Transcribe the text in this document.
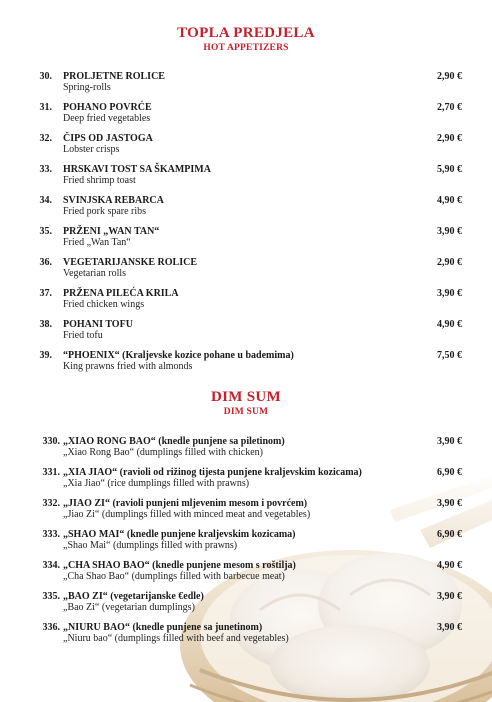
TOPLA PREDJELA
HOT APPETIZERS
30. PROLJETNE ROLICE
Spring-rolls
2,90 €
31. POHANO POVRĆE
Deep fried vegetables
2,70 €
32. ČIPS OD JASTOGA
Lobster crisps
2,90 €
33. HRSKAVI TOST SA ŠKAMPIMA
Fried shrimp toast
5,90 €
34. SVINJSKA REBARCA
Fried pork spare ribs
4,90 €
35. PRŽENI „WAN TAN“
Fried „Wan Tan“
3,90 €
36. VEGETARIJANSKE ROLICE
Vegetarian rolls
2,90 €
37. PRŽENA PILEĆA KRILA
Fried chicken wings
3,90 €
38. POHANI TOFU
Fried tofu
4,90 €
39. “PHOENIX“ (Kraljevske kozice pohane u bademima)
King prawns fried with almonds
7,50 €
DIM SUM
DIM SUM
330. „XIAO RONG BAO“ (knedle punjene sa piletinom)
„Xiao Rong Bao“ (dumplings filled with chicken)
3,90 €
331. „XIA JIAO“ (ravioli od rižinog tijesta punjene kraljevskim kozicama)
„Xia Jiao“ (rice dumplings filled with prawns)
6,90 €
332. „JIAO ZI“ (ravioli punjeni mljevenim mesom i povrćem)
„Jiao Zi“ (dumplings filled with minced meat and vegetables)
3,90 €
333. „SHAO MAI“ (knedle punjene kraljevskim kozicama)
„Shao Mai“ (dumplings filled with prawns)
6,90 €
334. „CHA SHAO BAO“ (knedle punjene mesom s roštilja)
„Cha Shao Bao“ (dumplings filled with barbecue meat)
4,90 €
335. „BAO ZI“ (vegetarijanske €edle)
„Bao Zi“ (vegetarian dumplings)
3,90 €
336. „NIURU BAO“ (knedle punjene sa junetinom)
„Niuru bao“ (dumplings filled with beef and vegetables)
3,90 €
